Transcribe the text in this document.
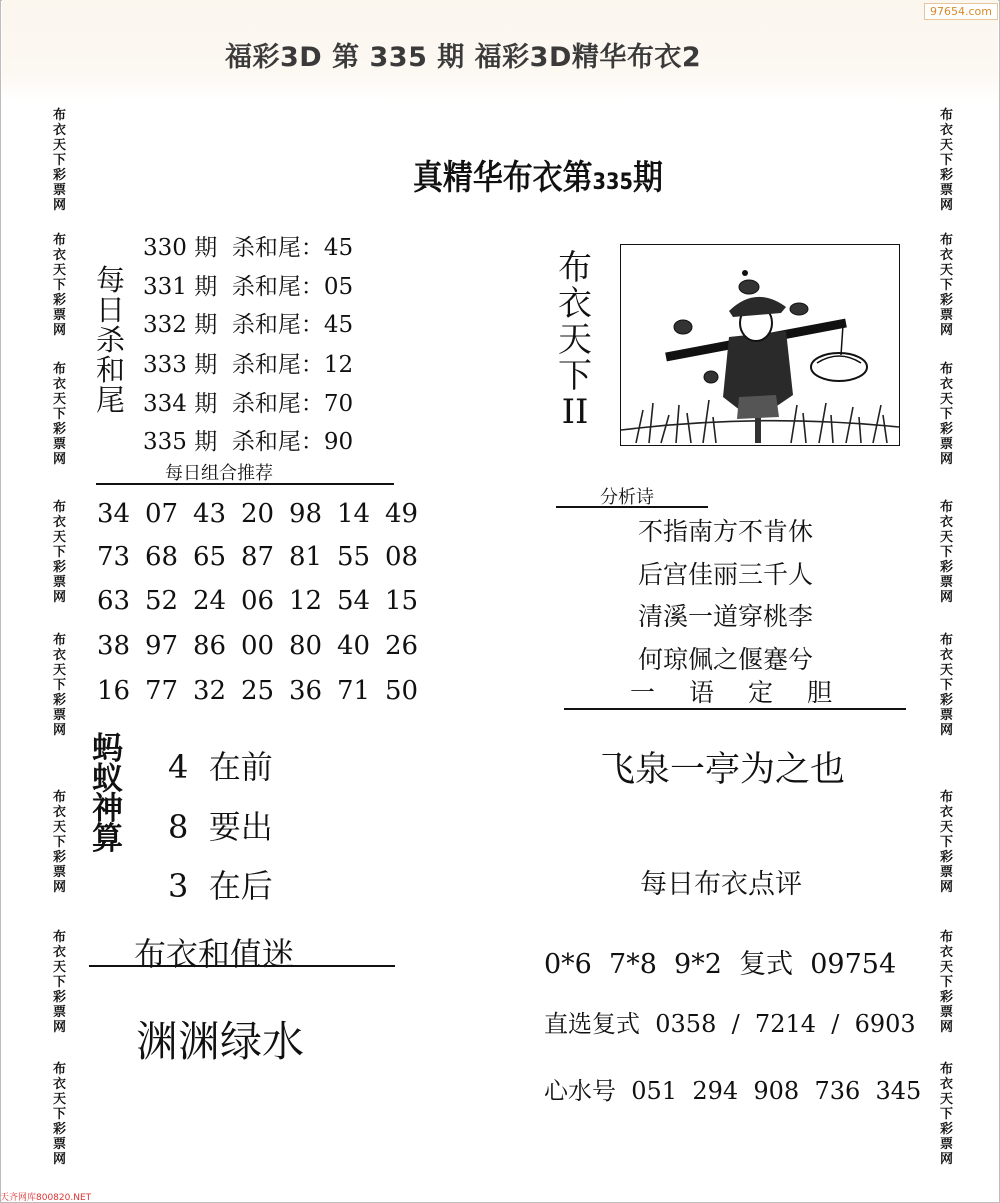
福彩3D 第 335 期 福彩3D精华布衣2
97654.com
布
衣
天
下
彩
票
网
布
衣
天
下
彩
票
网
布
衣
天
下
彩
票
网
布
衣
天
下
彩
票
网
布
衣
天
下
彩
票
网
布
衣
天
下
彩
票
网
布
衣
天
下
彩
票
网
布
衣
天
下
彩
票
网
布
衣
天
下
彩
票
网
布
衣
天
下
彩
票
网
布
衣
天
下
彩
票
网
布
衣
天
下
彩
票
网
布
衣
天
下
彩
票
网
布
衣
天
下
彩
票
网
布
衣
天
下
彩
票
网
布
衣
天
下
彩
票
网
真精华布衣第335期
每
日
杀
和
尾
330 期 杀和尾：45
331 期 杀和尾：05
332 期 杀和尾：45
333 期 杀和尾：12
334 期 杀和尾：70
335 期 杀和尾：90
布
衣
天
下
II
每日组合推荐
34 07 43 20 98 14 49
73 68 65 87 81 55 08
63 52 24 06 12 54 15
38 97 86 00 80 40 26
16 77 32 25 36 71 50
分析诗
不指南方不肯休
后宫佳丽三千人
清溪一道穿桃李
何琼佩之偃蹇兮
一 语 定 胆
蚂
蚁
神
算
4 在前
8 要出
3 在后
飞泉一亭为之也
每日布衣点评
布衣和值迷
渊渊绿水
0*6  7*8  9*2  复式  09754
直选复式  0358  /  7214  /  6903
心水号  051  294  908  736  345
天齐网库800820.NET
